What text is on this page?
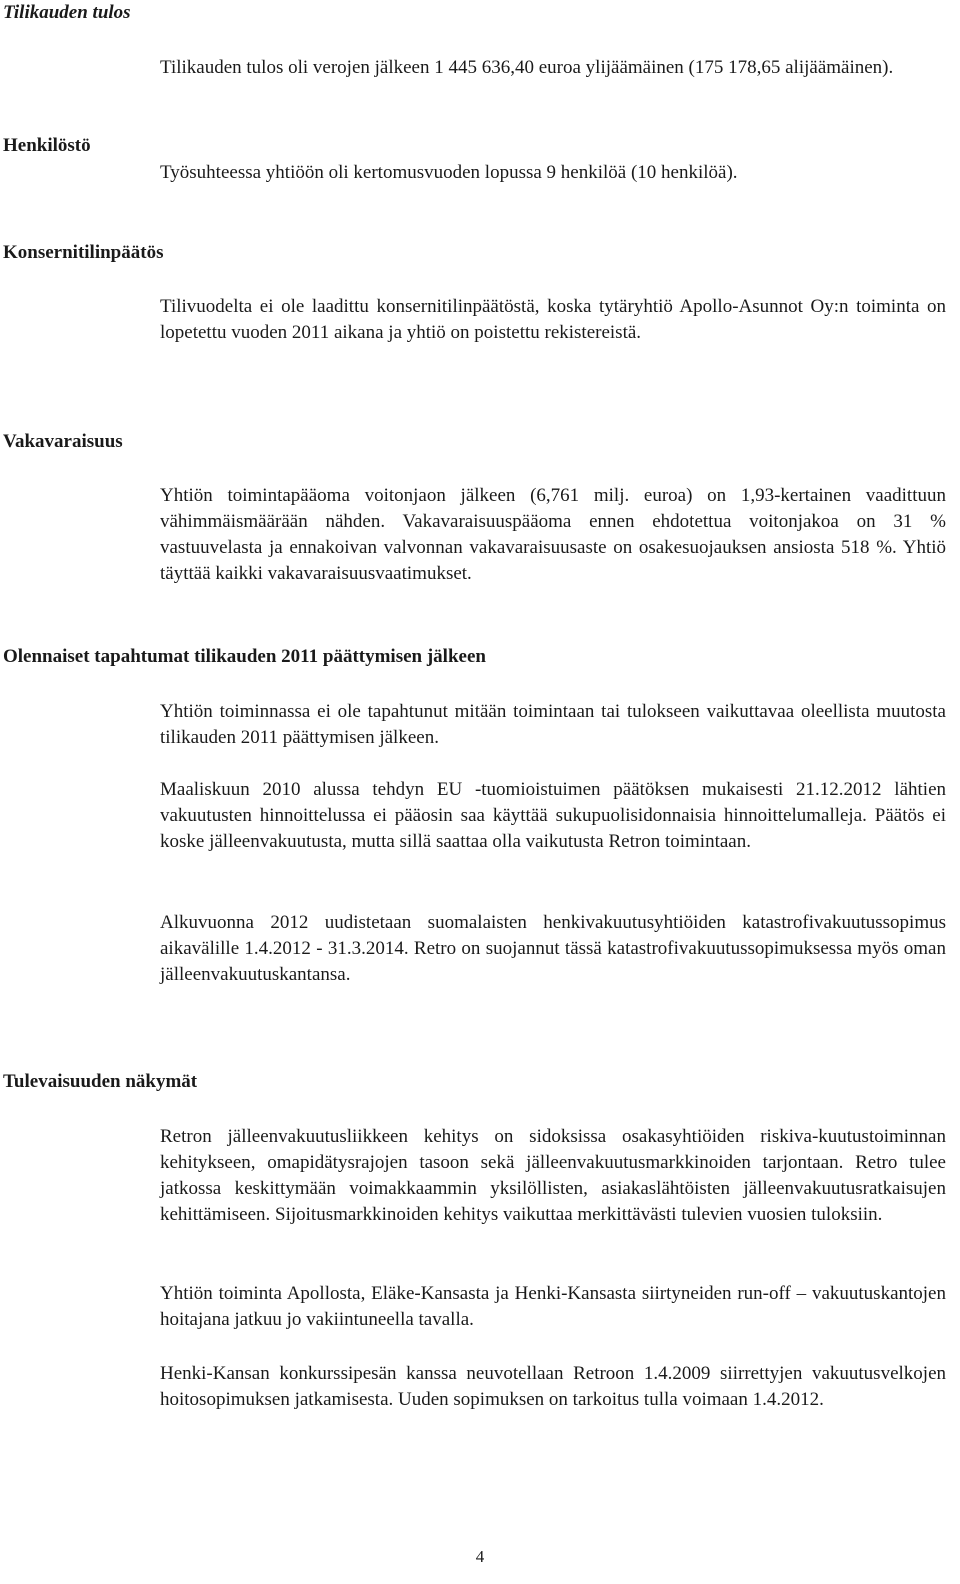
Tilikauden tulos

Tilikauden tulos oli verojen jälkeen 1 445 636,40 euroa ylijäämäinen (175 178,65 alijäämäinen).

Henkilöstö

Työsuhteessa yhtiöön oli kertomusvuoden lopussa 9 henkilöä (10 henkilöä).

Konsernitilinpäätös

Tilivuodelta ei ole laadittu konsernitilinpäätöstä, koska tytäryhtiö Apollo-Asunnot Oy:n toiminta on lopetettu vuoden 2011 aikana ja yhtiö on poistettu rekistereistä.

Vakavaraisuus

Yhtiön toimintapääoma voitonjaon jälkeen (6,761 milj. euroa) on 1,93-kertainen vaadittuun vähimmäismäärään nähden. Vakavaraisuuspääoma ennen ehdotettua voitonjakoa on 31 % vastuuvelasta ja ennakoivan valvonnan vakavaraisuusaste on osakesuojauksen ansiosta 518 %. Yhtiö täyttää kaikki vakavaraisuusvaatimukset.

Olennaiset tapahtumat tilikauden 2011 päättymisen jälkeen

Yhtiön toiminnassa ei ole tapahtunut mitään toimintaan tai tulokseen vaikuttavaa oleellista muutosta tilikauden 2011 päättymisen jälkeen.

Maaliskuun 2010 alussa tehdyn EU -tuomioistuimen päätöksen mukaisesti 21.12.2012 lähtien vakuutusten hinnoittelussa ei pääosin saa käyttää sukupuolisidonnaisia hinnoittelumalleja. Päätös ei koske jälleenvakuutusta, mutta sillä saattaa olla vaikutusta Retron toimintaan.

Alkuvuonna 2012 uudistetaan suomalaisten henkivakuutusyhtiöiden katastrofivakuutussopimus aikavälille 1.4.2012 - 31.3.2014. Retro on suojannut tässä katastrofivakuutussopimuksessa myös oman jälleenvakuutuskantansa.

Tulevaisuuden näkymät

Retron jälleenvakuutusliikkeen kehitys on sidoksissa osakasyhtiöiden riskiva-kuutustoiminnan kehitykseen, omapidätysrajojen tasoon sekä jälleenvakuutusmarkkinoiden tarjontaan. Retro tulee jatkossa keskittymään voimakkaammin yksilöllisten, asiakaslähtöisten jälleenvakuutusratkaisujen kehittämiseen. Sijoitusmarkkinoiden kehitys vaikuttaa merkittävästi tulevien vuosien tuloksiin.

Yhtiön toiminta Apollosta, Eläke-Kansasta ja Henki-Kansasta siirtyneiden run-off – vakuutuskantojen hoitajana jatkuu jo vakiintuneella tavalla.

Henki-Kansan konkurssipesän kanssa neuvotellaan Retroon 1.4.2009 siirrettyjen vakuutusvelkojen hoitosopimuksen jatkamisesta. Uuden sopimuksen on tarkoitus tulla voimaan 1.4.2012.

4
